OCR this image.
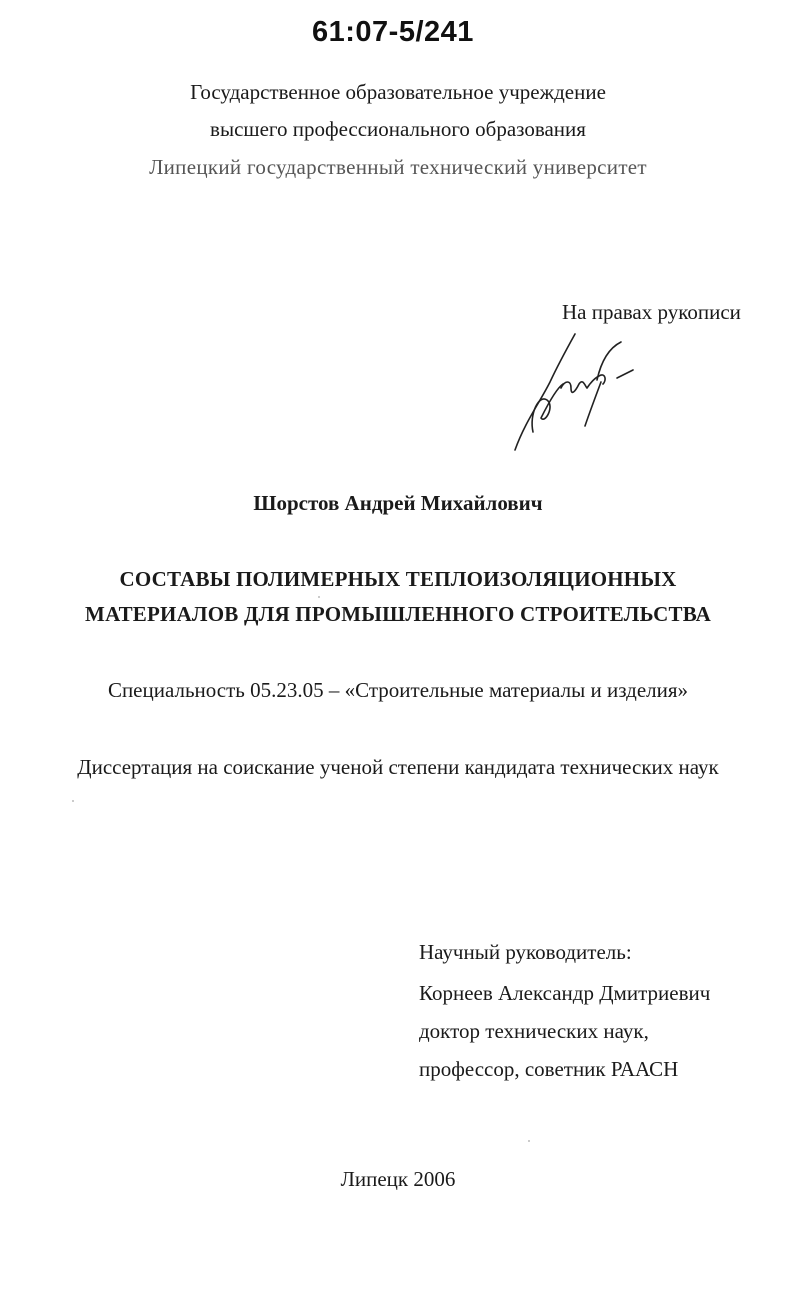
61:07-5/241
Государственное образовательное учреждение
высшего профессионального образования
Липецкий государственный технический университет
На правах рукописи
Шорстов Андрей Михайлович
СОСТАВЫ ПОЛИМЕРНЫХ ТЕПЛОИЗОЛЯЦИОННЫХ
МАТЕРИАЛОВ ДЛЯ ПРОМЫШЛЕННОГО СТРОИТЕЛЬСТВА
Специальность 05.23.05 – «Строительные материалы и изделия»
Диссертация на соискание ученой степени кандидата технических наук
Научный руководитель:
Корнеев Александр Дмитриевич
доктор технических наук,
профессор, советник РААСН
Липецк 2006
